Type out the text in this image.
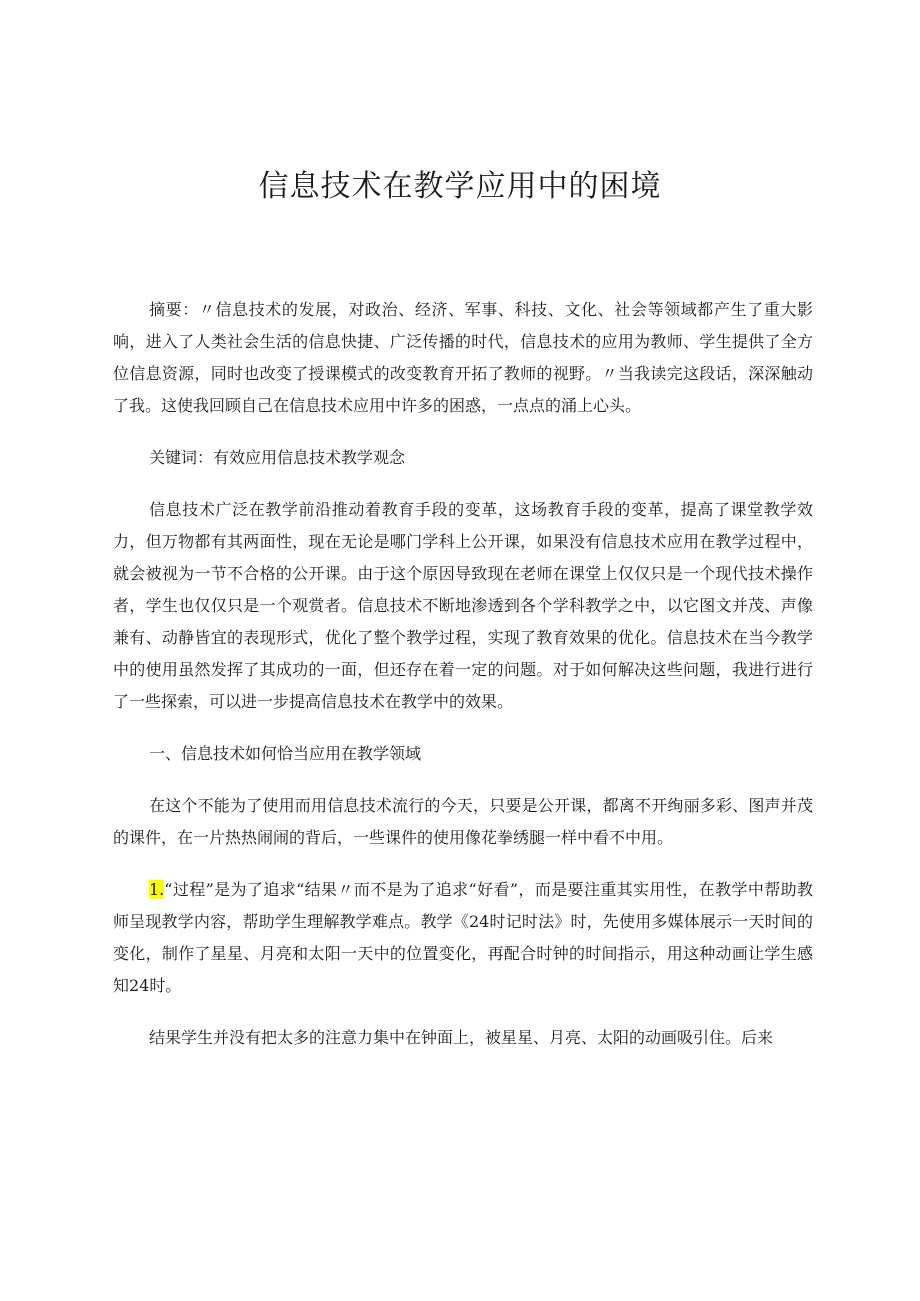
信息技术在教学应用中的困境

摘要：〃信息技术的发展，对政治、经济、军事、科技、文化、社会等领域都产生了重大影响，进入了人类社会生活的信息快捷、广泛传播的时代，信息技术的应用为教师、学生提供了全方位信息资源，同时也改变了授课模式的改变教育开拓了教师的视野。〃当我读完这段话，深深触动了我。这使我回顾自己在信息技术应用中许多的困惑，一点点的涌上心头。

关键词：有效应用信息技术教学观念

信息技术广泛在教学前沿推动着教育手段的变革，这场教育手段的变革，提高了课堂教学效力，但万物都有其两面性，现在无论是哪门学科上公开课，如果没有信息技术应用在教学过程中，就会被视为一节不合格的公开课。由于这个原因导致现在老师在课堂上仅仅只是一个现代技术操作者，学生也仅仅只是一个观赏者。信息技术不断地渗透到各个学科教学之中，以它图文并茂、声像兼有、动静皆宜的表现形式，优化了整个教学过程，实现了教育效果的优化。信息技术在当今教学中的使用虽然发挥了其成功的一面，但还存在着一定的问题。对于如何解决这些问题，我进行进行了一些探索，可以进一步提高信息技术在教学中的效果。

一、信息技术如何恰当应用在教学领域

在这个不能为了使用而用信息技术流行的今天，只要是公开课，都离不开绚丽多彩、图声并茂的课件，在一片热热闹闹的背后，一些课件的使用像花拳绣腿一样中看不中用。

1.“过程”是为了追求“结果〃而不是为了追求“好看”，而是要注重其实用性，在教学中帮助教师呈现教学内容，帮助学生理解教学难点。教学《24时记时法》时，先使用多媒体展示一天时间的变化，制作了星星、月亮和太阳一天中的位置变化，再配合时钟的时间指示，用这种动画让学生感知24时。

结果学生并没有把太多的注意力集中在钟面上，被星星、月亮、太阳的动画吸引住。后来
